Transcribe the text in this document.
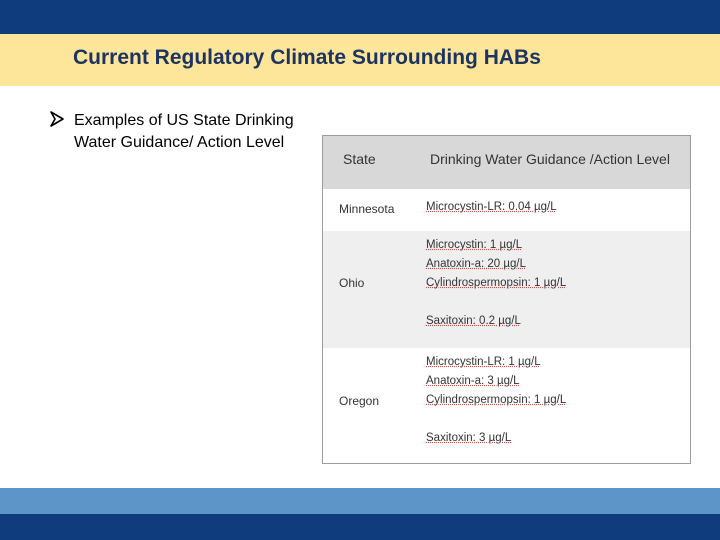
Current Regulatory Climate Surrounding HABs
Examples of US State Drinking Water Guidance/ Action Level
State	Drinking Water Guidance /Action Level
Minnesota	Microcystin-LR: 0.04 µg/L
Ohio
Microcystin: 1 µg/L
Anatoxin-a: 20 µg/L
Cylindrospermopsin: 1 µg/L
Saxitoxin: 0.2 µg/L
Oregon
Microcystin-LR: 1 µg/L
Anatoxin-a: 3 µg/L
Cylindrospermopsin: 1 µg/L
Saxitoxin: 3 µg/L
